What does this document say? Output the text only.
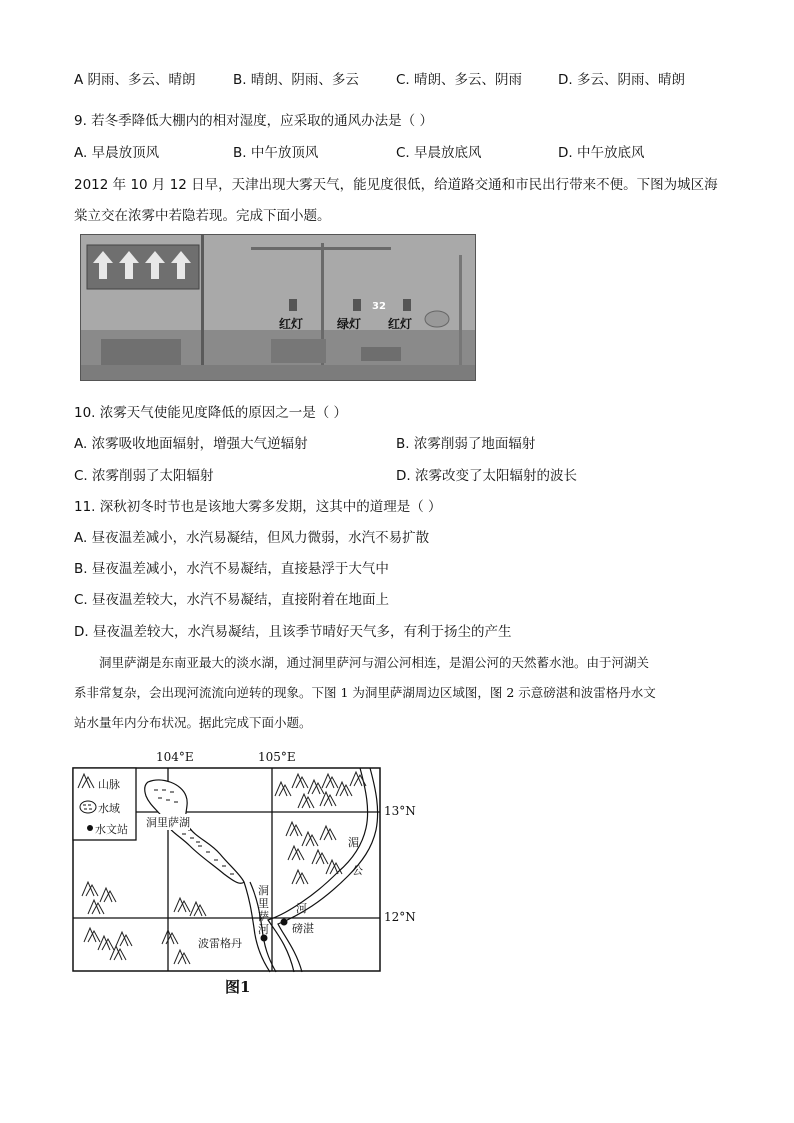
A 阴雨、多云、晴朗	B. 晴朗、阴雨、多云	C. 晴朗、多云、阴雨	D. 多云、阴雨、晴朗
9. 若冬季降低大棚内的相对湿度，应采取的通风办法是（ ）
A. 早晨放顶风	B. 中午放顶风	C. 早晨放底风	D. 中午放底风
2012 年 10 月 12 日早，天津出现大雾天气，能见度很低，给道路交通和市民出行带来不便。下图为城区海
棠立交在浓雾中若隐若现。完成下面小题。
32
红灯	绿灯 红灯
10. 浓雾天气使能见度降低的原因之一是（ ）
A. 浓雾吸收地面辐射，增强大气逆辐射	B. 浓雾削弱了地面辐射
C. 浓雾削弱了太阳辐射	D. 浓雾改变了太阳辐射的波长
11. 深秋初冬时节也是该地大雾多发期，这其中的道理是（ ）
A. 昼夜温差减小，水汽易凝结，但风力微弱，水汽不易扩散
B. 昼夜温差减小，水汽不易凝结，直接悬浮于大气中
C. 昼夜温差较大，水汽不易凝结，直接附着在地面上
D. 昼夜温差较大，水汽易凝结，且该季节晴好天气多，有利于扬尘的产生
洞里萨湖是东南亚最大的淡水湖，通过洞里萨河与湄公河相连，是湄公河的天然蓄水池。由于河湖关
系非常复杂，会出现河流流向逆转的现象。下图 1 为洞里萨湖周边区域图，图 2 示意磅湛和波雷格丹水文
站水量年内分布状况。据此完成下面小题。
104°E	105°E
13°N
12°N
山脉
水域
水文站
洞里萨湖
洞
里
萨
河
湄
公
河
波雷格丹
磅湛
图1
